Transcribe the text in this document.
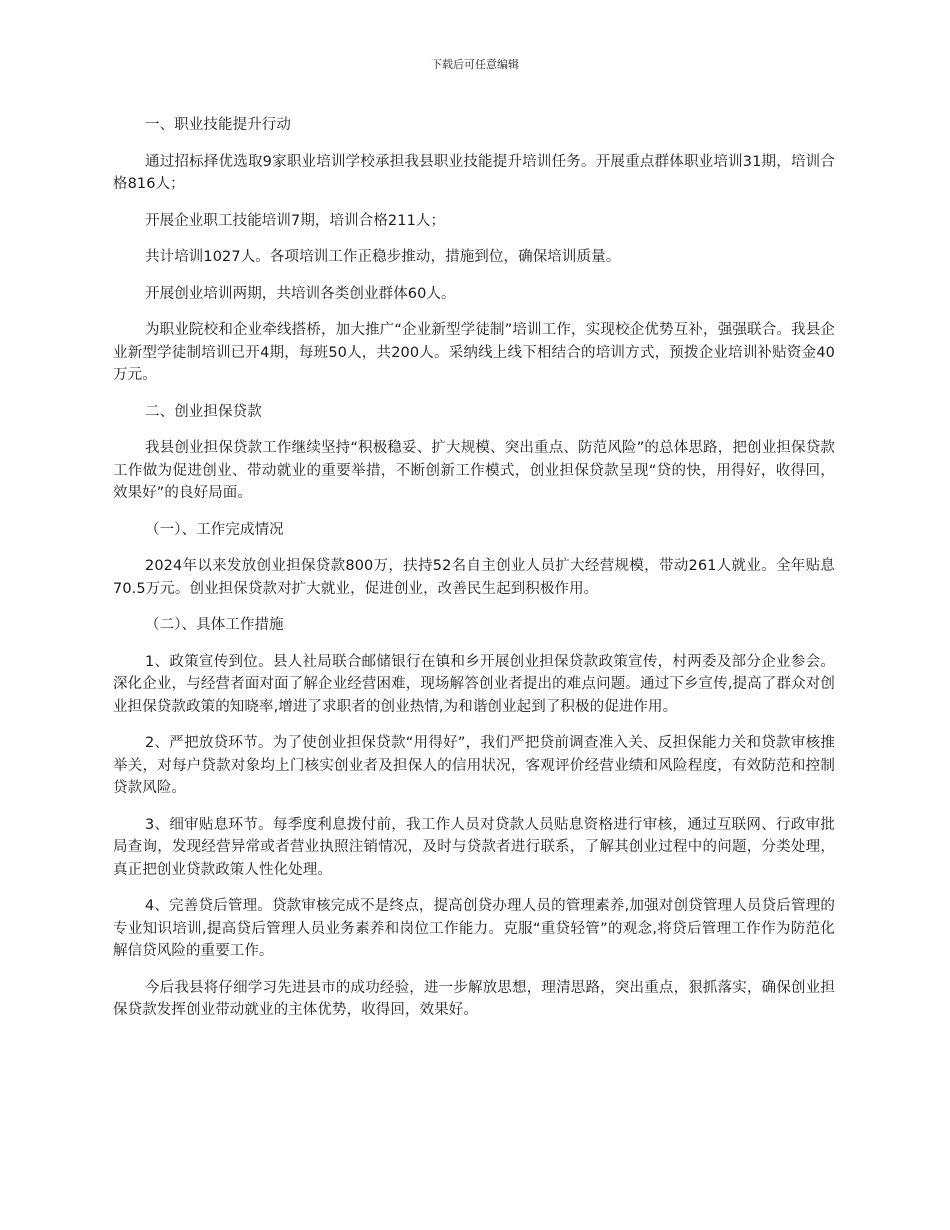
下载后可任意编辑

一、职业技能提升行动

通过招标择优选取9家职业培训学校承担我县职业技能提升培训任务。开展重点群体职业培训31期，培训合格816人；

开展企业职工技能培训7期，培训合格211人；

共计培训1027人。各项培训工作正稳步推动，措施到位，确保培训质量。

开展创业培训两期，共培训各类创业群体60人。

为职业院校和企业牵线搭桥，加大推广“企业新型学徒制”培训工作，实现校企优势互补，强强联合。我县企业新型学徒制培训已开4期，每班50人，共200人。采纳线上线下相结合的培训方式，预拨企业培训补贴资金40万元。

二、创业担保贷款

我县创业担保贷款工作继续坚持“积极稳妥、扩大规模、突出重点、防范风险”的总体思路，把创业担保贷款工作做为促进创业、带动就业的重要举措，不断创新工作模式，创业担保贷款呈现“贷的快，用得好，收得回，效果好”的良好局面。

（一）、工作完成情况

2024年以来发放创业担保贷款800万，扶持52名自主创业人员扩大经营规模，带动261人就业。全年贴息70.5万元。创业担保贷款对扩大就业，促进创业，改善民生起到积极作用。

（二）、具体工作措施

1、政策宣传到位。县人社局联合邮储银行在镇和乡开展创业担保贷款政策宣传，村两委及部分企业参会。深化企业，与经营者面对面了解企业经营困难，现场解答创业者提出的难点问题。通过下乡宣传,提高了群众对创业担保贷款政策的知晓率,增进了求职者的创业热情,为和谐创业起到了积极的促进作用。

2、严把放贷环节。为了使创业担保贷款“用得好”，我们严把贷前调查准入关、反担保能力关和贷款审核推举关，对每户贷款对象均上门核实创业者及担保人的信用状况，客观评价经营业绩和风险程度，有效防范和控制贷款风险。

3、细审贴息环节。每季度利息拨付前，我工作人员对贷款人员贴息资格进行审核，通过互联网、行政审批局查询，发现经营异常或者营业执照注销情况，及时与贷款者进行联系，了解其创业过程中的问题，分类处理，真正把创业贷款政策人性化处理。

4、完善贷后管理。贷款审核完成不是终点，提高创贷办理人员的管理素养,加强对创贷管理人员贷后管理的专业知识培训,提高贷后管理人员业务素养和岗位工作能力。克服“重贷轻管”的观念,将贷后管理工作作为防范化解信贷风险的重要工作。

今后我县将仔细学习先进县市的成功经验，进一步解放思想，理清思路，突出重点，狠抓落实，确保创业担保贷款发挥创业带动就业的主体优势，收得回，效果好。
